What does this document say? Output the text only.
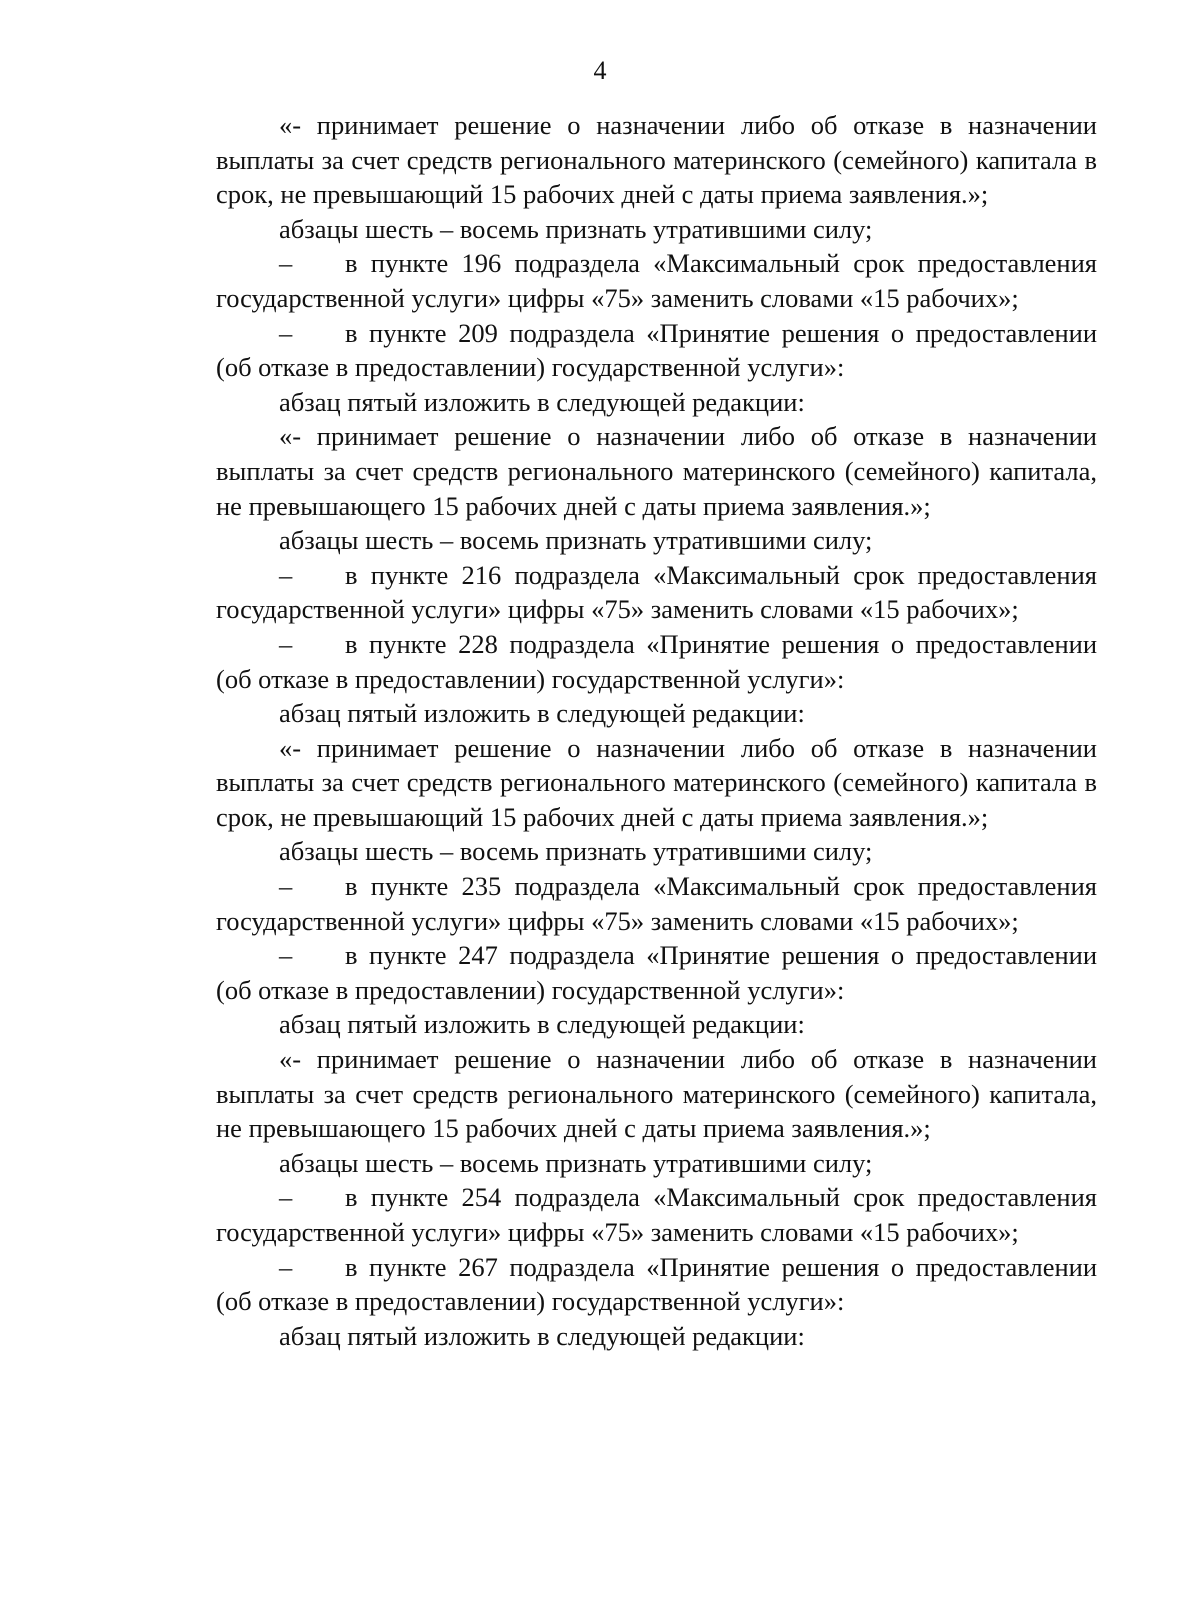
4

«- принимает решение о назначении либо об отказе в назначении выплаты за счет средств регионального материнского (семейного) капитала в срок, не превышающий 15 рабочих дней с даты приема заявления.»;

абзацы шесть – восемь признать утратившими силу;

– в пункте 196 подраздела «Максимальный срок предоставления государственной услуги» цифры «75» заменить словами «15 рабочих»;

– в пункте 209 подраздела «Принятие решения о предоставлении (об отказе в предоставлении) государственной услуги»:

абзац пятый изложить в следующей редакции:

«- принимает решение о назначении либо об отказе в назначении выплаты за счет средств регионального материнского (семейного) капитала, не превышающего 15 рабочих дней с даты приема заявления.»;

абзацы шесть – восемь признать утратившими силу;

– в пункте 216 подраздела «Максимальный срок предоставления государственной услуги» цифры «75» заменить словами «15 рабочих»;

– в пункте 228 подраздела «Принятие решения о предоставлении (об отказе в предоставлении) государственной услуги»:

абзац пятый изложить в следующей редакции:

«- принимает решение о назначении либо об отказе в назначении выплаты за счет средств регионального материнского (семейного) капитала в срок, не превышающий 15 рабочих дней с даты приема заявления.»;

абзацы шесть – восемь признать утратившими силу;

– в пункте 235 подраздела «Максимальный срок предоставления государственной услуги» цифры «75» заменить словами «15 рабочих»;

– в пункте 247 подраздела «Принятие решения о предоставлении (об отказе в предоставлении) государственной услуги»:

абзац пятый изложить в следующей редакции:

«- принимает решение о назначении либо об отказе в назначении выплаты за счет средств регионального материнского (семейного) капитала, не превышающего 15 рабочих дней с даты приема заявления.»;

абзацы шесть – восемь признать утратившими силу;

– в пункте 254 подраздела «Максимальный срок предоставления государственной услуги» цифры «75» заменить словами «15 рабочих»;

– в пункте 267 подраздела «Принятие решения о предоставлении (об отказе в предоставлении) государственной услуги»:

абзац пятый изложить в следующей редакции:
